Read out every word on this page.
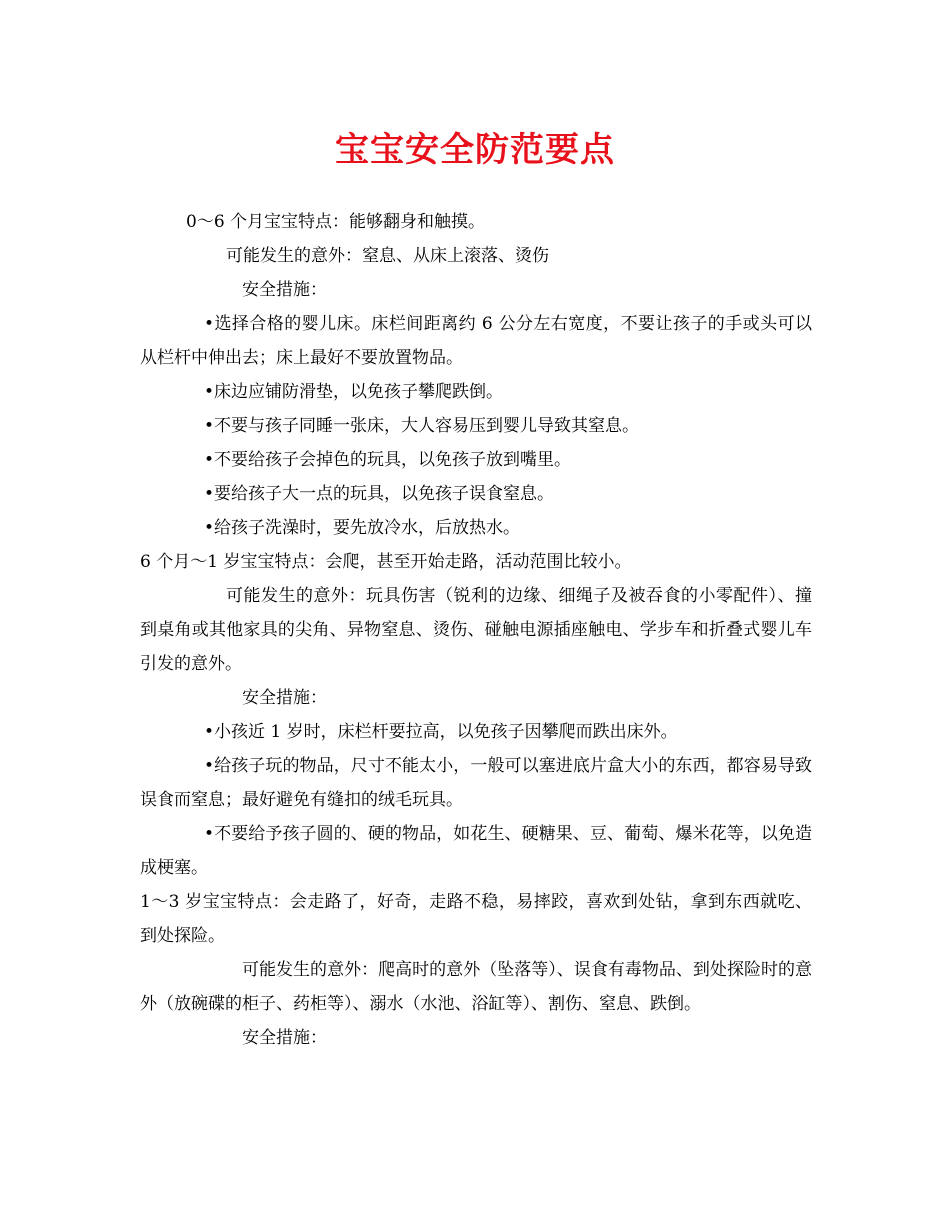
宝宝安全防范要点

0～6 个月宝宝特点：能够翻身和触摸。

可能发生的意外：窒息、从床上滚落、烫伤

安全措施：

•选择合格的婴儿床。床栏间距离约 6 公分左右宽度，不要让孩子的手或头可以从栏杆中伸出去；床上最好不要放置物品。

•床边应铺防滑垫，以免孩子攀爬跌倒。

•不要与孩子同睡一张床，大人容易压到婴儿导致其窒息。

•不要给孩子会掉色的玩具，以免孩子放到嘴里。

•要给孩子大一点的玩具，以免孩子误食窒息。

•给孩子洗澡时，要先放冷水，后放热水。

6 个月～1 岁宝宝特点：会爬，甚至开始走路，活动范围比较小。

可能发生的意外：玩具伤害（锐利的边缘、细绳子及被吞食的小零配件）、撞到桌角或其他家具的尖角、异物窒息、烫伤、碰触电源插座触电、学步车和折叠式婴儿车引发的意外。

安全措施：

•小孩近 1 岁时，床栏杆要拉高，以免孩子因攀爬而跌出床外。

•给孩子玩的物品，尺寸不能太小，一般可以塞进底片盒大小的东西，都容易导致误食而窒息；最好避免有缝扣的绒毛玩具。

•不要给予孩子圆的、硬的物品，如花生、硬糖果、豆、葡萄、爆米花等，以免造成梗塞。

1～3 岁宝宝特点：会走路了，好奇，走路不稳，易摔跤，喜欢到处钻，拿到东西就吃、到处探险。

可能发生的意外：爬高时的意外（坠落等）、误食有毒物品、到处探险时的意外（放碗碟的柜子、药柜等）、溺水（水池、浴缸等）、割伤、窒息、跌倒。

安全措施：
